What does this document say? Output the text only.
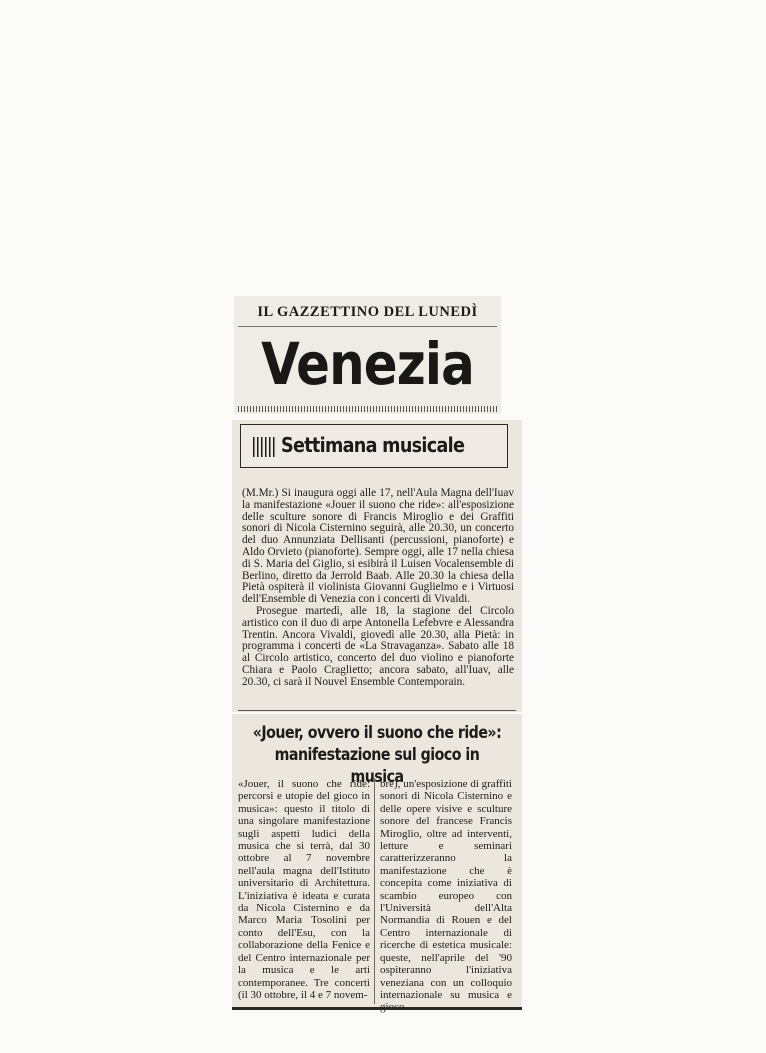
IL GAZZETTINO DEL LUNEDÌ
Venezia
Settimana musicale

(M.Mr.) Si inaugura oggi alle 17, nell'Aula Magna dell'Iuav la manifestazione «Jouer il suono che ride»: all'esposizione delle sculture sonore di Francis Miroglio e dei Graffiti sonori di Nicola Cisternino seguirà, alle 20.30, un concerto del duo Annunziata Dellisanti (percussioni, pianoforte) e Aldo Orvieto (pianoforte). Sempre oggi, alle 17 nella chiesa di S. Maria del Giglio, si esibirà il Luisen Vocalensemble di Berlino, diretto da Jerrold Baab. Alle 20.30 la chiesa della Pietà ospiterà il violinista Giovanni Guglielmo e i Virtuosi dell'Ensemble di Venezia con i concerti di Vivaldi.

Prosegue martedì, alle 18, la stagione del Circolo artistico con il duo di arpe Antonella Lefebvre e Alessandra Trentin. Ancora Vivaldi, giovedì alle 20.30, alla Pietà: in programma i concerti de «La Stravaganza». Sabato alle 18 al Circolo artistico, concerto del duo violino e pianoforte Chiara e Paolo Craglietto; ancora sabato, all'Iuav, alle 20.30, ci sarà il Nouvel Ensemble Contemporain.

«Jouer, ovvero il suono che ride»:
manifestazione sul gioco in musica

«Jouer, il suono che ride: percorsi e utopie del gioco in musica»: questo il titolo di una singolare manifestazione sugli aspetti ludici della musica che si terrà, dal 30 ottobre al 7 novembre nell'aula magna dell'Istituto universitario di Architettura. L'iniziativa è ideata e curata da Nicola Cisternino e da Marco Maria Tosolini per conto dell'Esu, con la collaborazione della Fenice e del Centro internazionale per la musica e le arti contemporanee. Tre concerti (il 30 ottobre, il 4 e 7 novem-

bre), un'esposizione di graffiti sonori di Nicola Cisternino e delle opere visive e sculture sonore del francese Francis Miroglio, oltre ad interventi, letture e seminari caratterizzeranno la manifestazione che è concepita come iniziativa di scambio europeo con l'Università dell'Alta Normandia di Rouen e del Centro internazionale di ricerche di estetica musicale: queste, nell'aprile del '90 ospiteranno l'iniziativa veneziana con un colloquio internazionale su musica e
